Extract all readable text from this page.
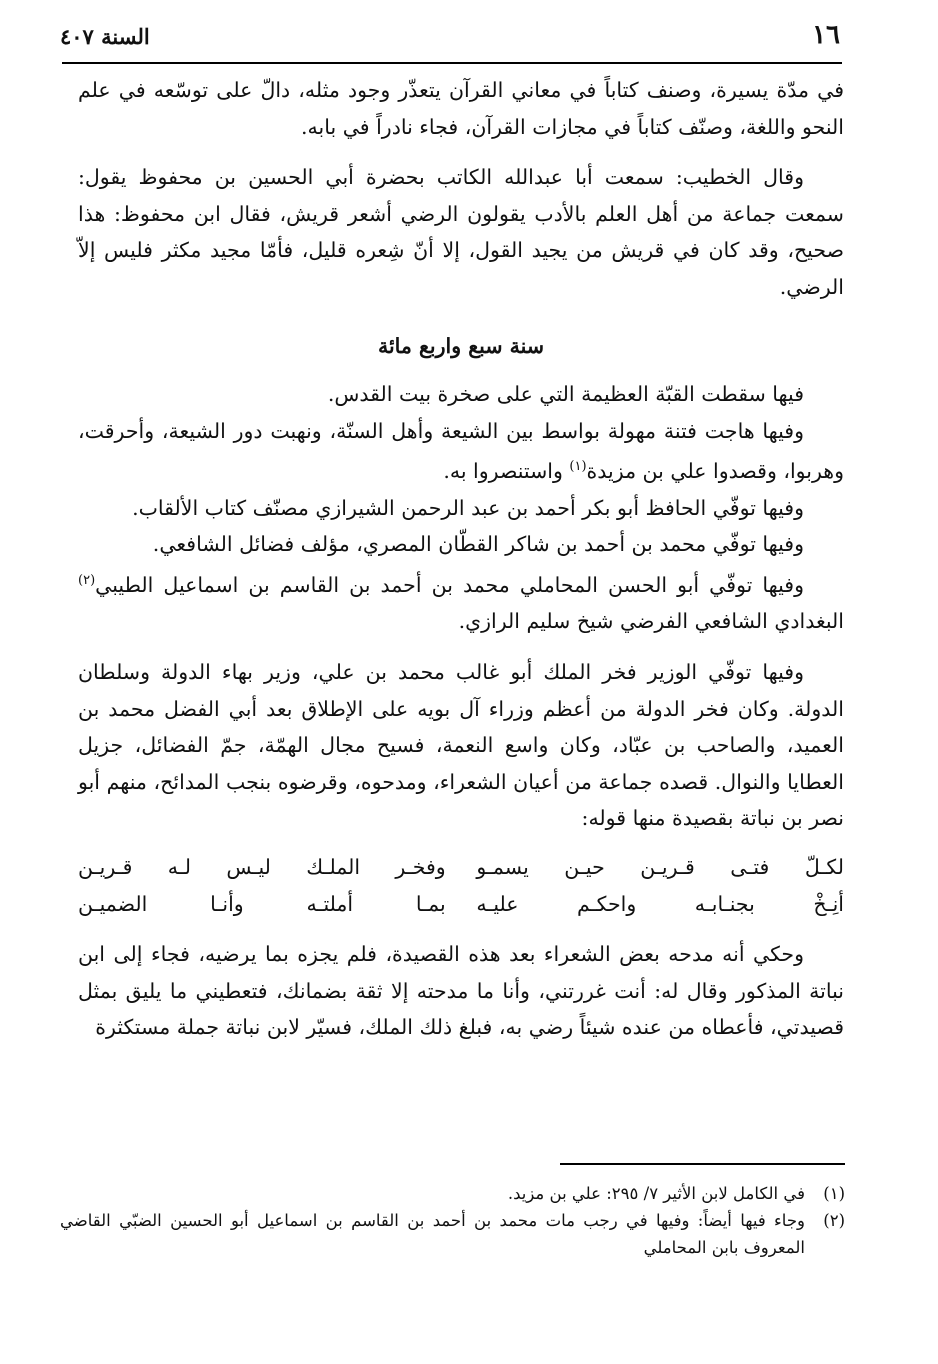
١٦
السنة ٤٠٧

في مدّة يسيرة، وصنف كتاباً في معاني القرآن يتعذّر وجود مثله، دالّ على توسّعه في علم النحو واللغة، وصنّف كتاباً في مجازات القرآن، فجاء نادراً في بابه.

وقال الخطيب: سمعت أبا عبدالله الكاتب بحضرة أبي الحسين بن محفوظ يقول: سمعت جماعة من أهل العلم بالأدب يقولون الرضي أشعر قريش، فقال ابن محفوظ: هذا صحيح، وقد كان في قريش من يجيد القول، إلا أنّ شِعره قليل، فأمّا مجيد مكثر فليس إلاّ الرضي.

سنة سبع واربع مائة

فيها سقطت القبّة العظيمة التي على صخرة بيت القدس.

وفيها هاجت فتنة مهولة بواسط بين الشيعة وأهل السنّة، ونهبت دور الشيعة، وأحرقت، وهربوا، وقصدوا علي بن مزيدة$^{(١)}$ واستنصروا به.

وفيها توفّي الحافظ أبو بكر أحمد بن عبد الرحمن الشيرازي مصنّف كتاب الألقاب.

وفيها توفّي محمد بن أحمد بن شاكر القطّان المصري، مؤلف فضائل الشافعي.

وفيها توفّي أبو الحسن المحاملي محمد بن أحمد بن القاسم بن اسماعيل الطيبي$^{(٢)}$ البغدادي الشافعي الفرضي شيخ سليم الرازي.

وفيها توفّي الوزير فخر الملك أبو غالب محمد بن علي، وزير بهاء الدولة وسلطان الدولة. وكان فخر الدولة من أعظم وزراء آل بويه على الإطلاق بعد أبي الفضل محمد بن العميد، والصاحب بن عبّاد، وكان واسع النعمة، فسيح مجال الهمّة، جمّ الفضائل، جزيل العطايا والنوال. قصده جماعة من أعيان الشعراء، ومدحوه، وقرضوه بنجب المدائح، منهم أبو نصر بن نباتة بقصيدة منها قوله:

لكـلّ فتـى قـريـن حيـن يسمـو
وفخـر الملـك ليـس لـه قـريـن
أنِـخْ بجنـابـه واحكـم عليـه
بمـا أملتـه وأنـا الضميـن

وحكي أنه مدحه بعض الشعراء بعد هذه القصيدة، فلم يجزه بما يرضيه، فجاء إلى ابن نباتة المذكور وقال له: أنت غررتني، وأنا ما مدحته إلا ثقة بضمانك، فتعطيني ما يليق بمثل قصيدتي، فأعطاه من عنده شيئاً رضي به، فبلغ ذلك الملك، فسيّر لابن نباتة جملة مستكثرة

(١)
في الكامل لابن الأثير ٧/ ٢٩٥: علي بن مزيد.
(٢)
وجاء فيها أيضاً: وفيها في رجب مات محمد بن أحمد بن القاسم بن اسماعيل أبو الحسين الضبّي القاضي المعروف بابن المحاملي
